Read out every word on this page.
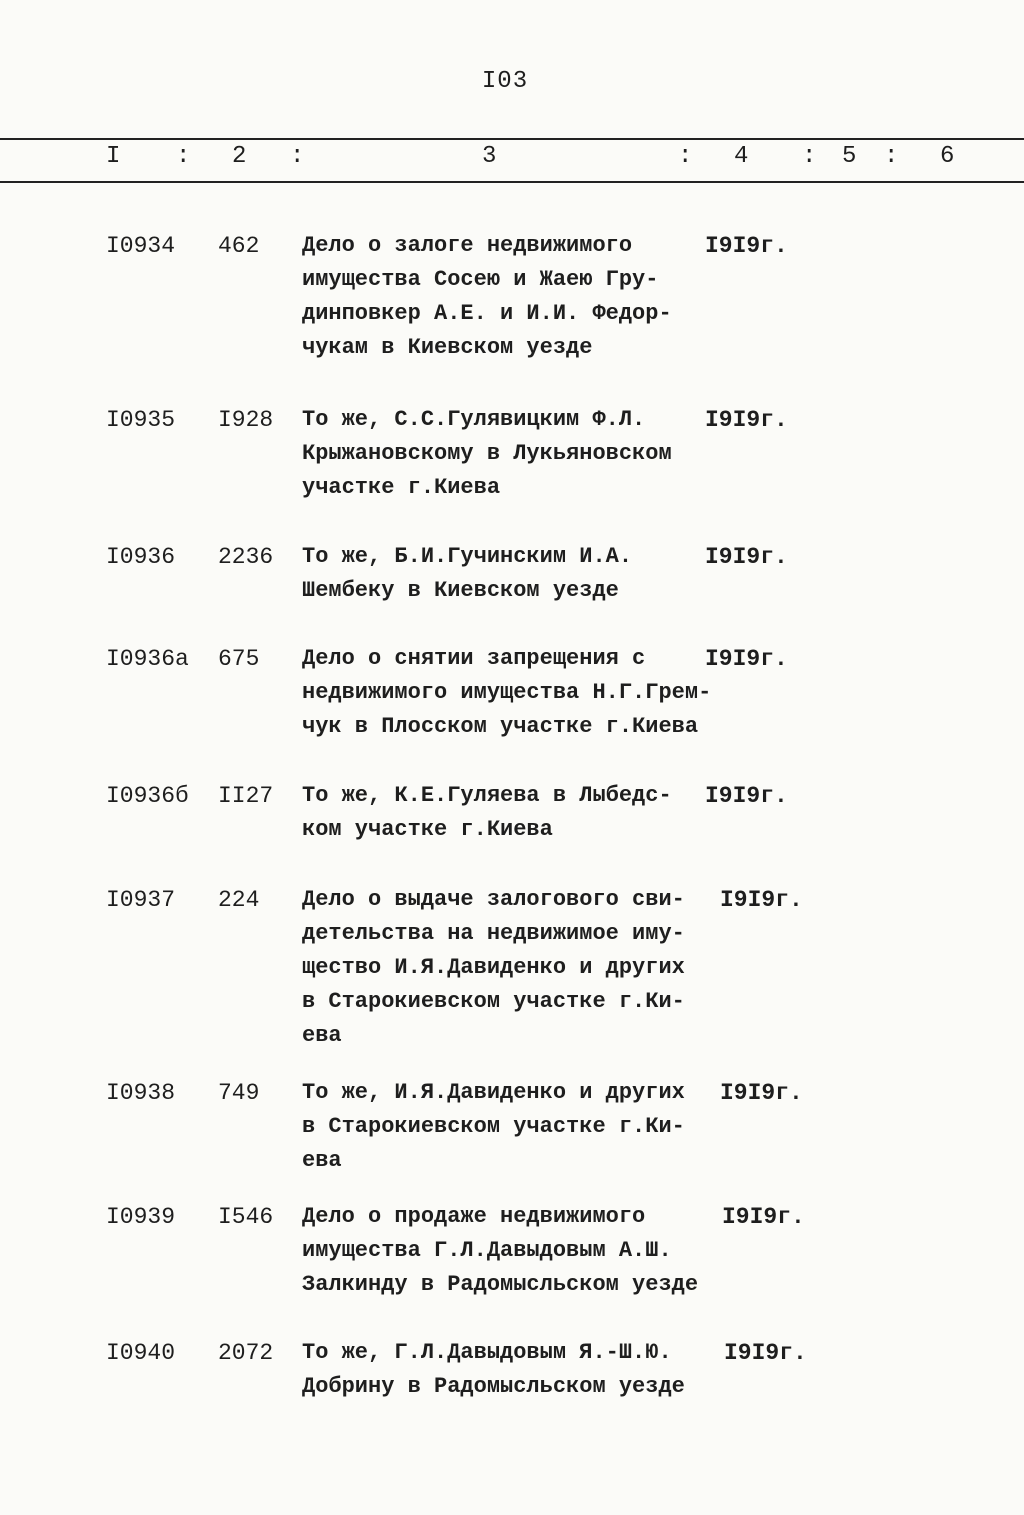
I03
I : 2 :	3	: 4 : 5 : 6
I0934 462 Дело о залоге недвижимого
имущества Сосею и Жаею Гру-
динповкер А.Е. и И.И. Федор-
чукам в Киевском уезде
I9I9г.
I0935 I928 То же, С.С.Гулявицким Ф.Л.
Крыжановскому в Лукьяновском
участке г.Киева
I9I9г.
I0936 2236 То же, Б.И.Гучинским И.А.
Шембеку в Киевском уезде
I9I9г.
I0936а 675 Дело о снятии запрещения с
недвижимого имущества Н.Г.Грем-
чук в Плосском участке г.Киева
I9I9г.
I0936б II27 То же, К.Е.Гуляева в Лыбедс-
ком участке г.Киева
I9I9г.
I0937 224 Дело о выдаче залогового сви-
детельства на недвижимое иму-
щество И.Я.Давиденко и других
в Старокиевском участке г.Ки-
ева
I9I9г.
I0938 749 То же, И.Я.Давиденко и других
в Старокиевском участке г.Ки-
ева
I9I9г.
I0939 I546 Дело о продаже недвижимого
имущества Г.Л.Давыдовым А.Ш.
Залкинду в Радомысльском уезде
I9I9г.
I0940 2072 То же, Г.Л.Давыдовым Я.-Ш.Ю.
Добрину в Радомысльском уезде
I9I9г.
